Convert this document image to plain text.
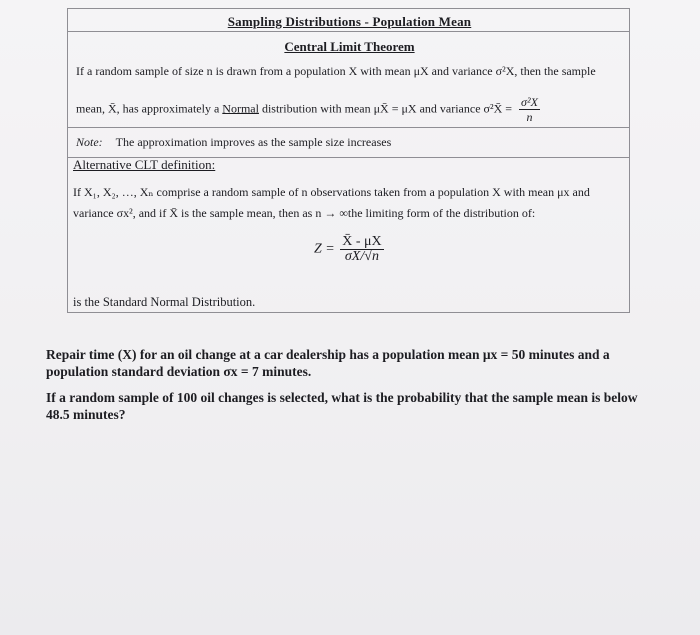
Sampling Distributions - Population Mean
Central Limit Theorem
If a random sample of size n is drawn from a population X with mean μX and variance σ²X, then the sample
mean, X̄, has approximately a Normal distribution with mean μX̄ = μX and variance σ²X̄ = $\frac{\text{σ²X}}{n}$
Note: The approximation improves as the sample size increases
Alternative CLT definition:
If X₁, X₂, …, Xₙ comprise a random sample of n observations taken from a population X with mean μx and
variance σx², and if X̄ is the sample mean, then as n → ∞the limiting form of the distribution of:
$Z = \frac{X̄ - \mu X}{\sigma X/√n}$
is the Standard Normal Distribution.
Repair time (X) for an oil change at a car dealership has a population mean μx = 50 minutes and a
population standard deviation σx = 7 minutes.
If a random sample of 100 oil changes is selected, what is the probability that the sample mean is below
48.5 minutes?
